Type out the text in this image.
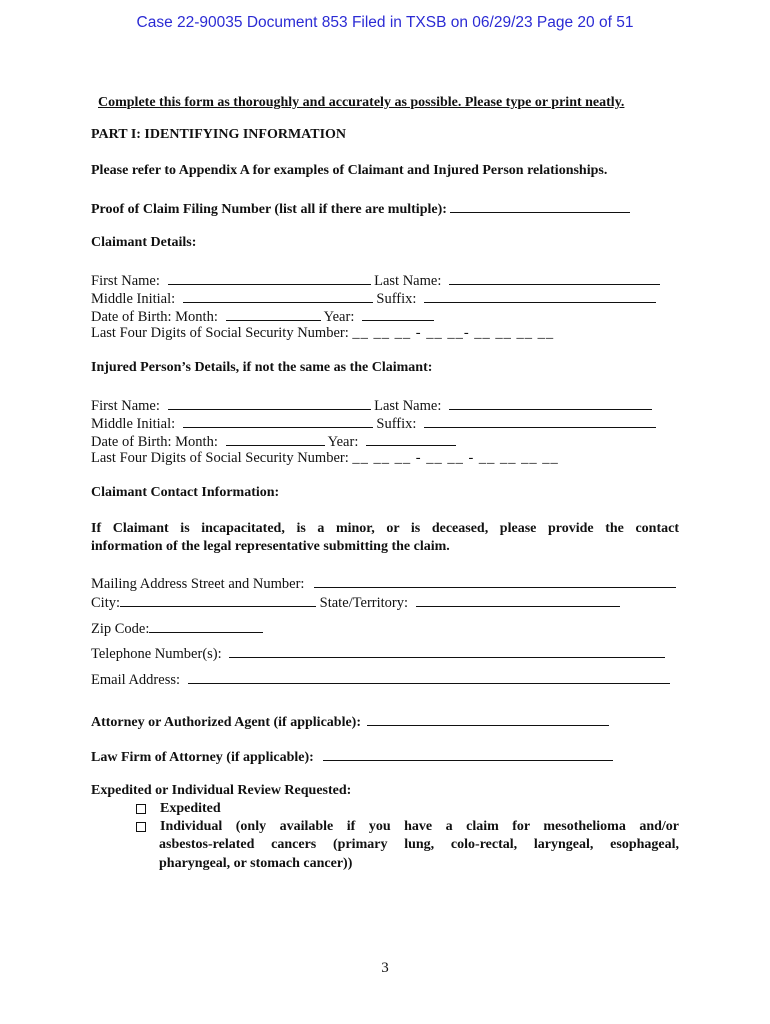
Case 22-90035 Document 853 Filed in TXSB on 06/29/23 Page 20 of 51
Complete this form as thoroughly and accurately as possible. Please type or print neatly.
PART I: IDENTIFYING INFORMATION
Please refer to Appendix A for examples of Claimant and Injured Person relationships.
Proof of Claim Filing Number (list all if there are multiple):
Claimant Details:
First Name:	Last Name:
Middle Initial:	Suffix:
Date of Birth: Month:	Year:
Last Four Digits of Social Security Number: __ __ __ - __ __- __ __ __ __
Injured Person’s Details, if not the same as the Claimant:
First Name:	Last Name:
Middle Initial:	Suffix:
Date of Birth: Month:	Year:
Last Four Digits of Social Security Number: __ __ __ - __ __ - __ __ __ __
Claimant Contact Information:
If Claimant is incapacitated, is a minor, or is deceased, please provide the contact
information of the legal representative submitting the claim.
Mailing Address Street and Number:
City:	State/Territory:
Zip Code:
Telephone Number(s):
Email Address:
Attorney or Authorized Agent (if applicable):
Law Firm of Attorney (if applicable):
Expedited or Individual Review Requested:
Expedited
Individual (only available if you have a claim for mesothelioma and/or
asbestos-related cancers (primary lung, colo-rectal, laryngeal, esophageal,
pharyngeal, or stomach cancer))
3
